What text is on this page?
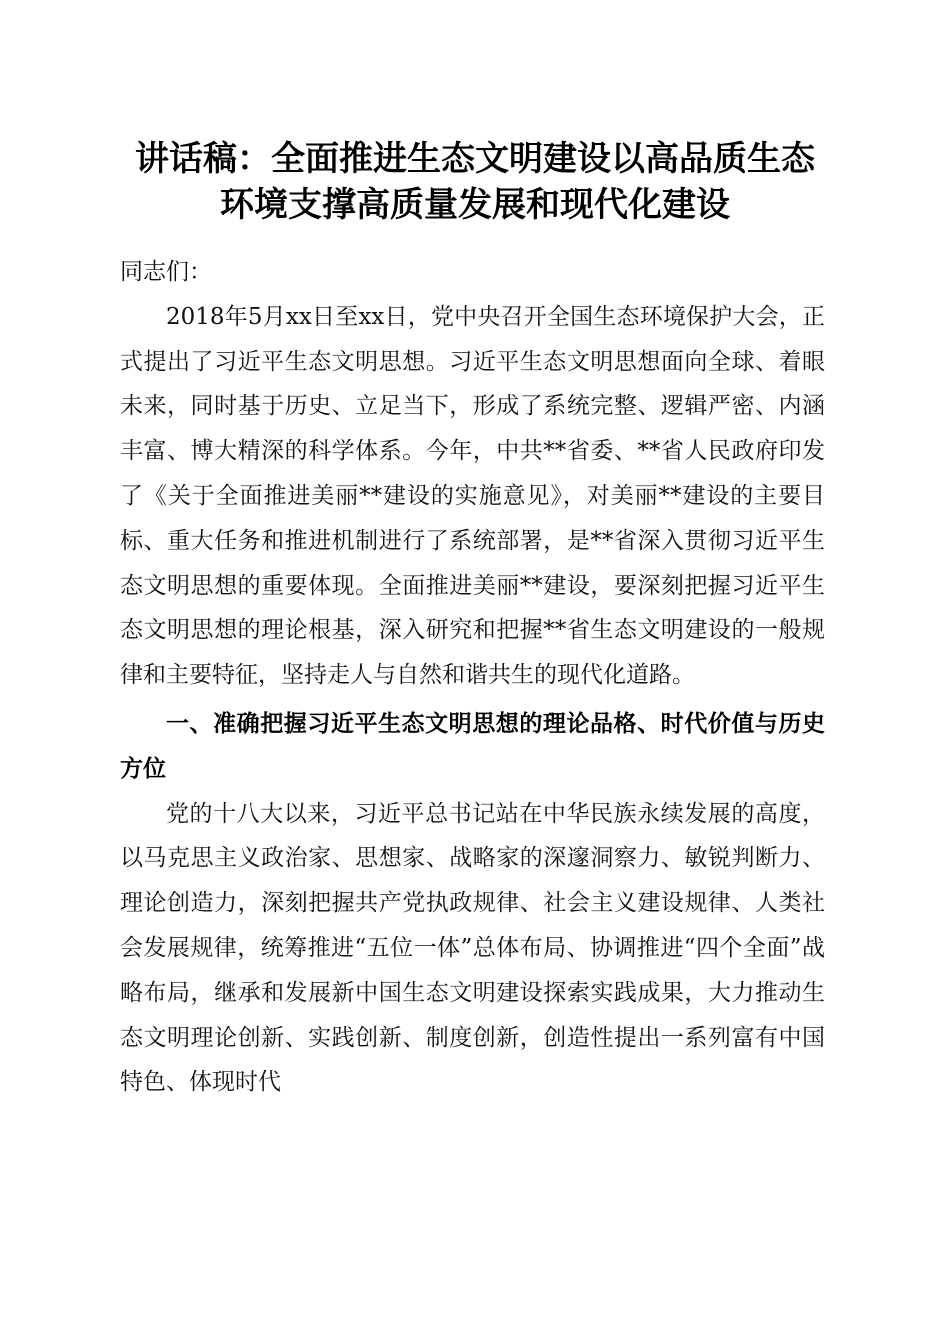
讲话稿：全面推进生态文明建设以高品质生态
环境支撑高质量发展和现代化建设

同志们：

2018年5月xx日至xx日，党中央召开全国生态环境保护大会，正式提出了习近平生态文明思想。习近平生态文明思想面向全球、着眼未来，同时基于历史、立足当下，形成了系统完整、逻辑严密、内涵丰富、博大精深的科学体系。今年，中共**省委、**省人民政府印发了《关于全面推进美丽**建设的实施意见》，对美丽**建设的主要目标、重大任务和推进机制进行了系统部署，是**省深入贯彻习近平生态文明思想的重要体现。全面推进美丽**建设，要深刻把握习近平生态文明思想的理论根基，深入研究和把握**省生态文明建设的一般规律和主要特征，坚持走人与自然和谐共生的现代化道路。

一、准确把握习近平生态文明思想的理论品格、时代价值与历史方位

党的十八大以来，习近平总书记站在中华民族永续发展的高度，以马克思主义政治家、思想家、战略家的深邃洞察力、敏锐判断力、理论创造力，深刻把握共产党执政规律、社会主义建设规律、人类社会发展规律，统筹推进“五位一体”总体布局、协调推进“四个全面”战略布局，继承和发展新中国生态文明建设探索实践成果，大力推动生态文明理论创新、实践创新、制度创新，创造性提出一系列富有中国特色、体现时代
